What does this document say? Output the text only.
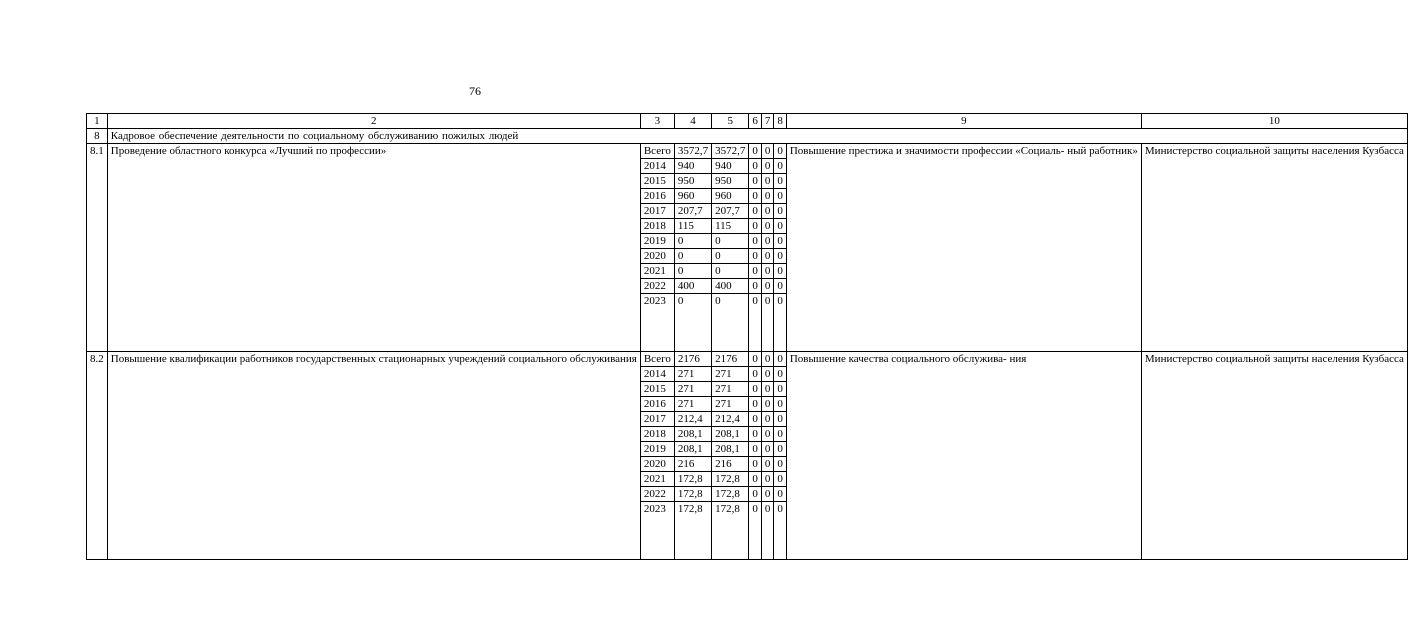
76
1	2	3	4	5	6	7	8	9	10
8	Кадровое обеспечение деятельности по социальному обслуживанию пожилых людей								
8.1	Проведение областного конкурса «Лучший по профессии»	Всего	3572,7	3572,7	0	0	0	Повышение престижа и значимости профессии «Социаль- ный работник»	Министерство социальной защиты населения Кузбасса
		2014	940	940	0	0	0		
		2015	950	950	0	0	0		
		2016	960	960	0	0	0		
		2017	207,7	207,7	0	0	0		
		2018	115	115	0	0	0		
		2019	0	0	0	0	0		
		2020	0	0	0	0	0		
		2021	0	0	0	0	0		
		2022	400	400	0	0	0		
		2023	0	0	0	0	0		
8.2	Повышение квалификации работников государственных стационарных учреждений социального обслуживания	Всего	2176	2176	0	0	0	Повышение качества социального обслужива- ния	Министерство социальной защиты населения Кузбасса
		2014	271	271	0	0	0		
		2015	271	271	0	0	0		
		2016	271	271	0	0	0		
		2017	212,4	212,4	0	0	0		
		2018	208,1	208,1	0	0	0		
		2019	208,1	208,1	0	0	0		
		2020	216	216	0	0	0		
		2021	172,8	172,8	0	0	0		
		2022	172,8	172,8	0	0	0		
		2023	172,8	172,8	0	0	0		
